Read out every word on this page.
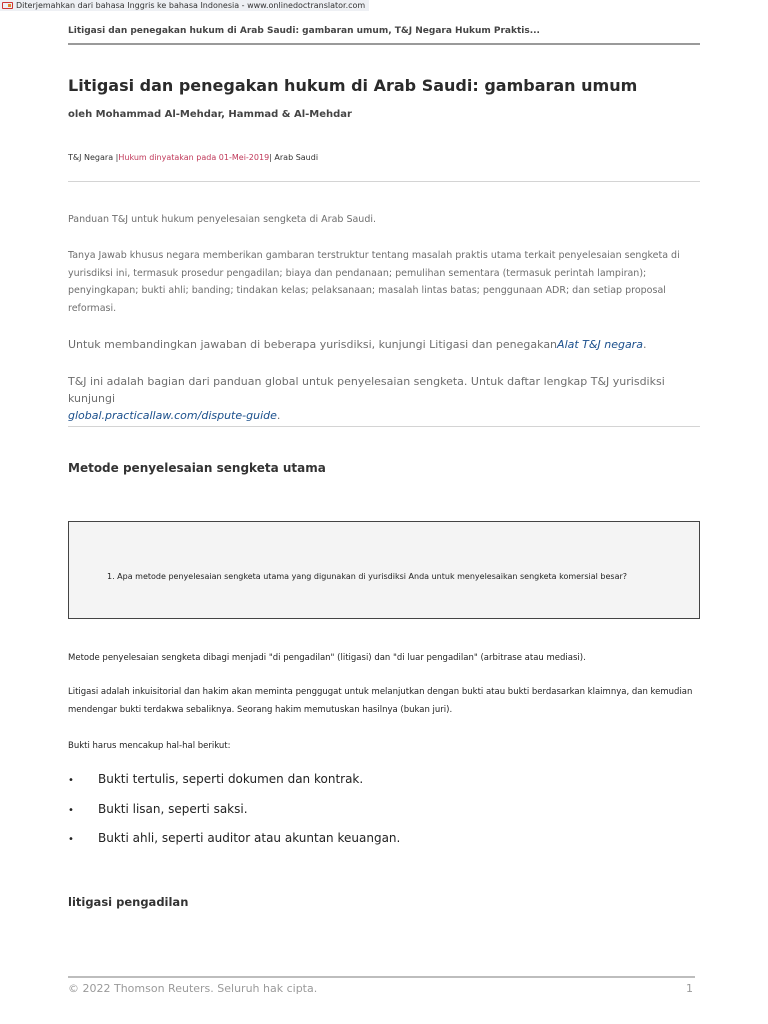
Diterjemahkan dari bahasa Inggris ke bahasa Indonesia - www.onlinedoctranslator.com
Litigasi dan penegakan hukum di Arab Saudi: gambaran umum, T&J Negara Hukum Praktis...
Litigasi dan penegakan hukum di Arab Saudi: gambaran umum
oleh Mohammad Al-Mehdar, Hammad & Al-Mehdar
T&J Negara |Hukum dinyatakan pada 01-Mei-2019| Arab Saudi
Panduan T&J untuk hukum penyelesaian sengketa di Arab Saudi.
Tanya Jawab khusus negara memberikan gambaran terstruktur tentang masalah praktis utama terkait penyelesaian sengketa di yurisdiksi ini, termasuk prosedur pengadilan; biaya dan pendanaan; pemulihan sementara (termasuk perintah lampiran); penyingkapan; bukti ahli; banding; tindakan kelas; pelaksanaan; masalah lintas batas; penggunaan ADR; dan setiap proposal reformasi.
Untuk membandingkan jawaban di beberapa yurisdiksi, kunjungi Litigasi dan penegakanAlat T&J negara.
T&J ini adalah bagian dari panduan global untuk penyelesaian sengketa. Untuk daftar lengkap T&J yurisdiksi kunjungi
global.practicallaw.com/dispute-guide.
Metode penyelesaian sengketa utama
1. Apa metode penyelesaian sengketa utama yang digunakan di yurisdiksi Anda untuk menyelesaikan sengketa komersial besar?
Metode penyelesaian sengketa dibagi menjadi "di pengadilan" (litigasi) dan "di luar pengadilan" (arbitrase atau mediasi).
Litigasi adalah inkuisitorial dan hakim akan meminta penggugat untuk melanjutkan dengan bukti atau bukti berdasarkan klaimnya, dan kemudian mendengar bukti terdakwa sebaliknya. Seorang hakim memutuskan hasilnya (bukan juri).
Bukti harus mencakup hal-hal berikut:
• Bukti tertulis, seperti dokumen dan kontrak.
• Bukti lisan, seperti saksi.
• Bukti ahli, seperti auditor atau akuntan keuangan.
litigasi pengadilan
© 2022 Thomson Reuters. Seluruh hak cipta.	1
